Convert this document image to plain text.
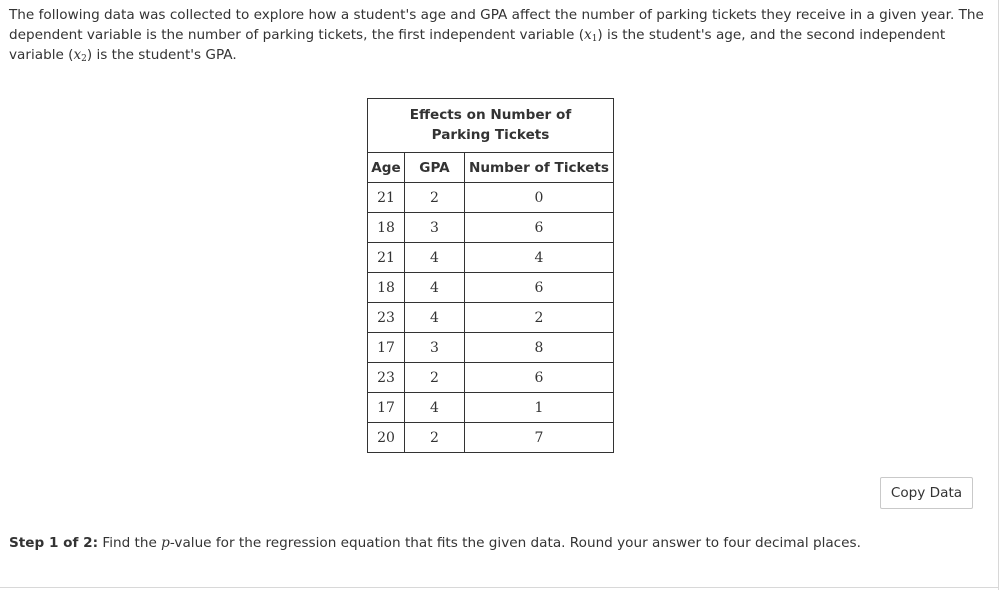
The following data was collected to explore how a student's age and GPA affect the number of parking tickets they receive in a given year. The dependent variable is the number of parking tickets, the first independent variable $(x_1)$ is the student's age, and the second independent variable $(x_2)$ is the student's GPA.
Effects on Number of Parking Tickets
Age	GPA	Number of Tickets
21	2	0
18	3	6
21	4	4
18	4	6
23	4	2
17	3	8
23	2	6
17	4	1
20	2	7
Copy Data
Step 1 of 2: Find the p-value for the regression equation that fits the given data. Round your answer to four decimal places.
